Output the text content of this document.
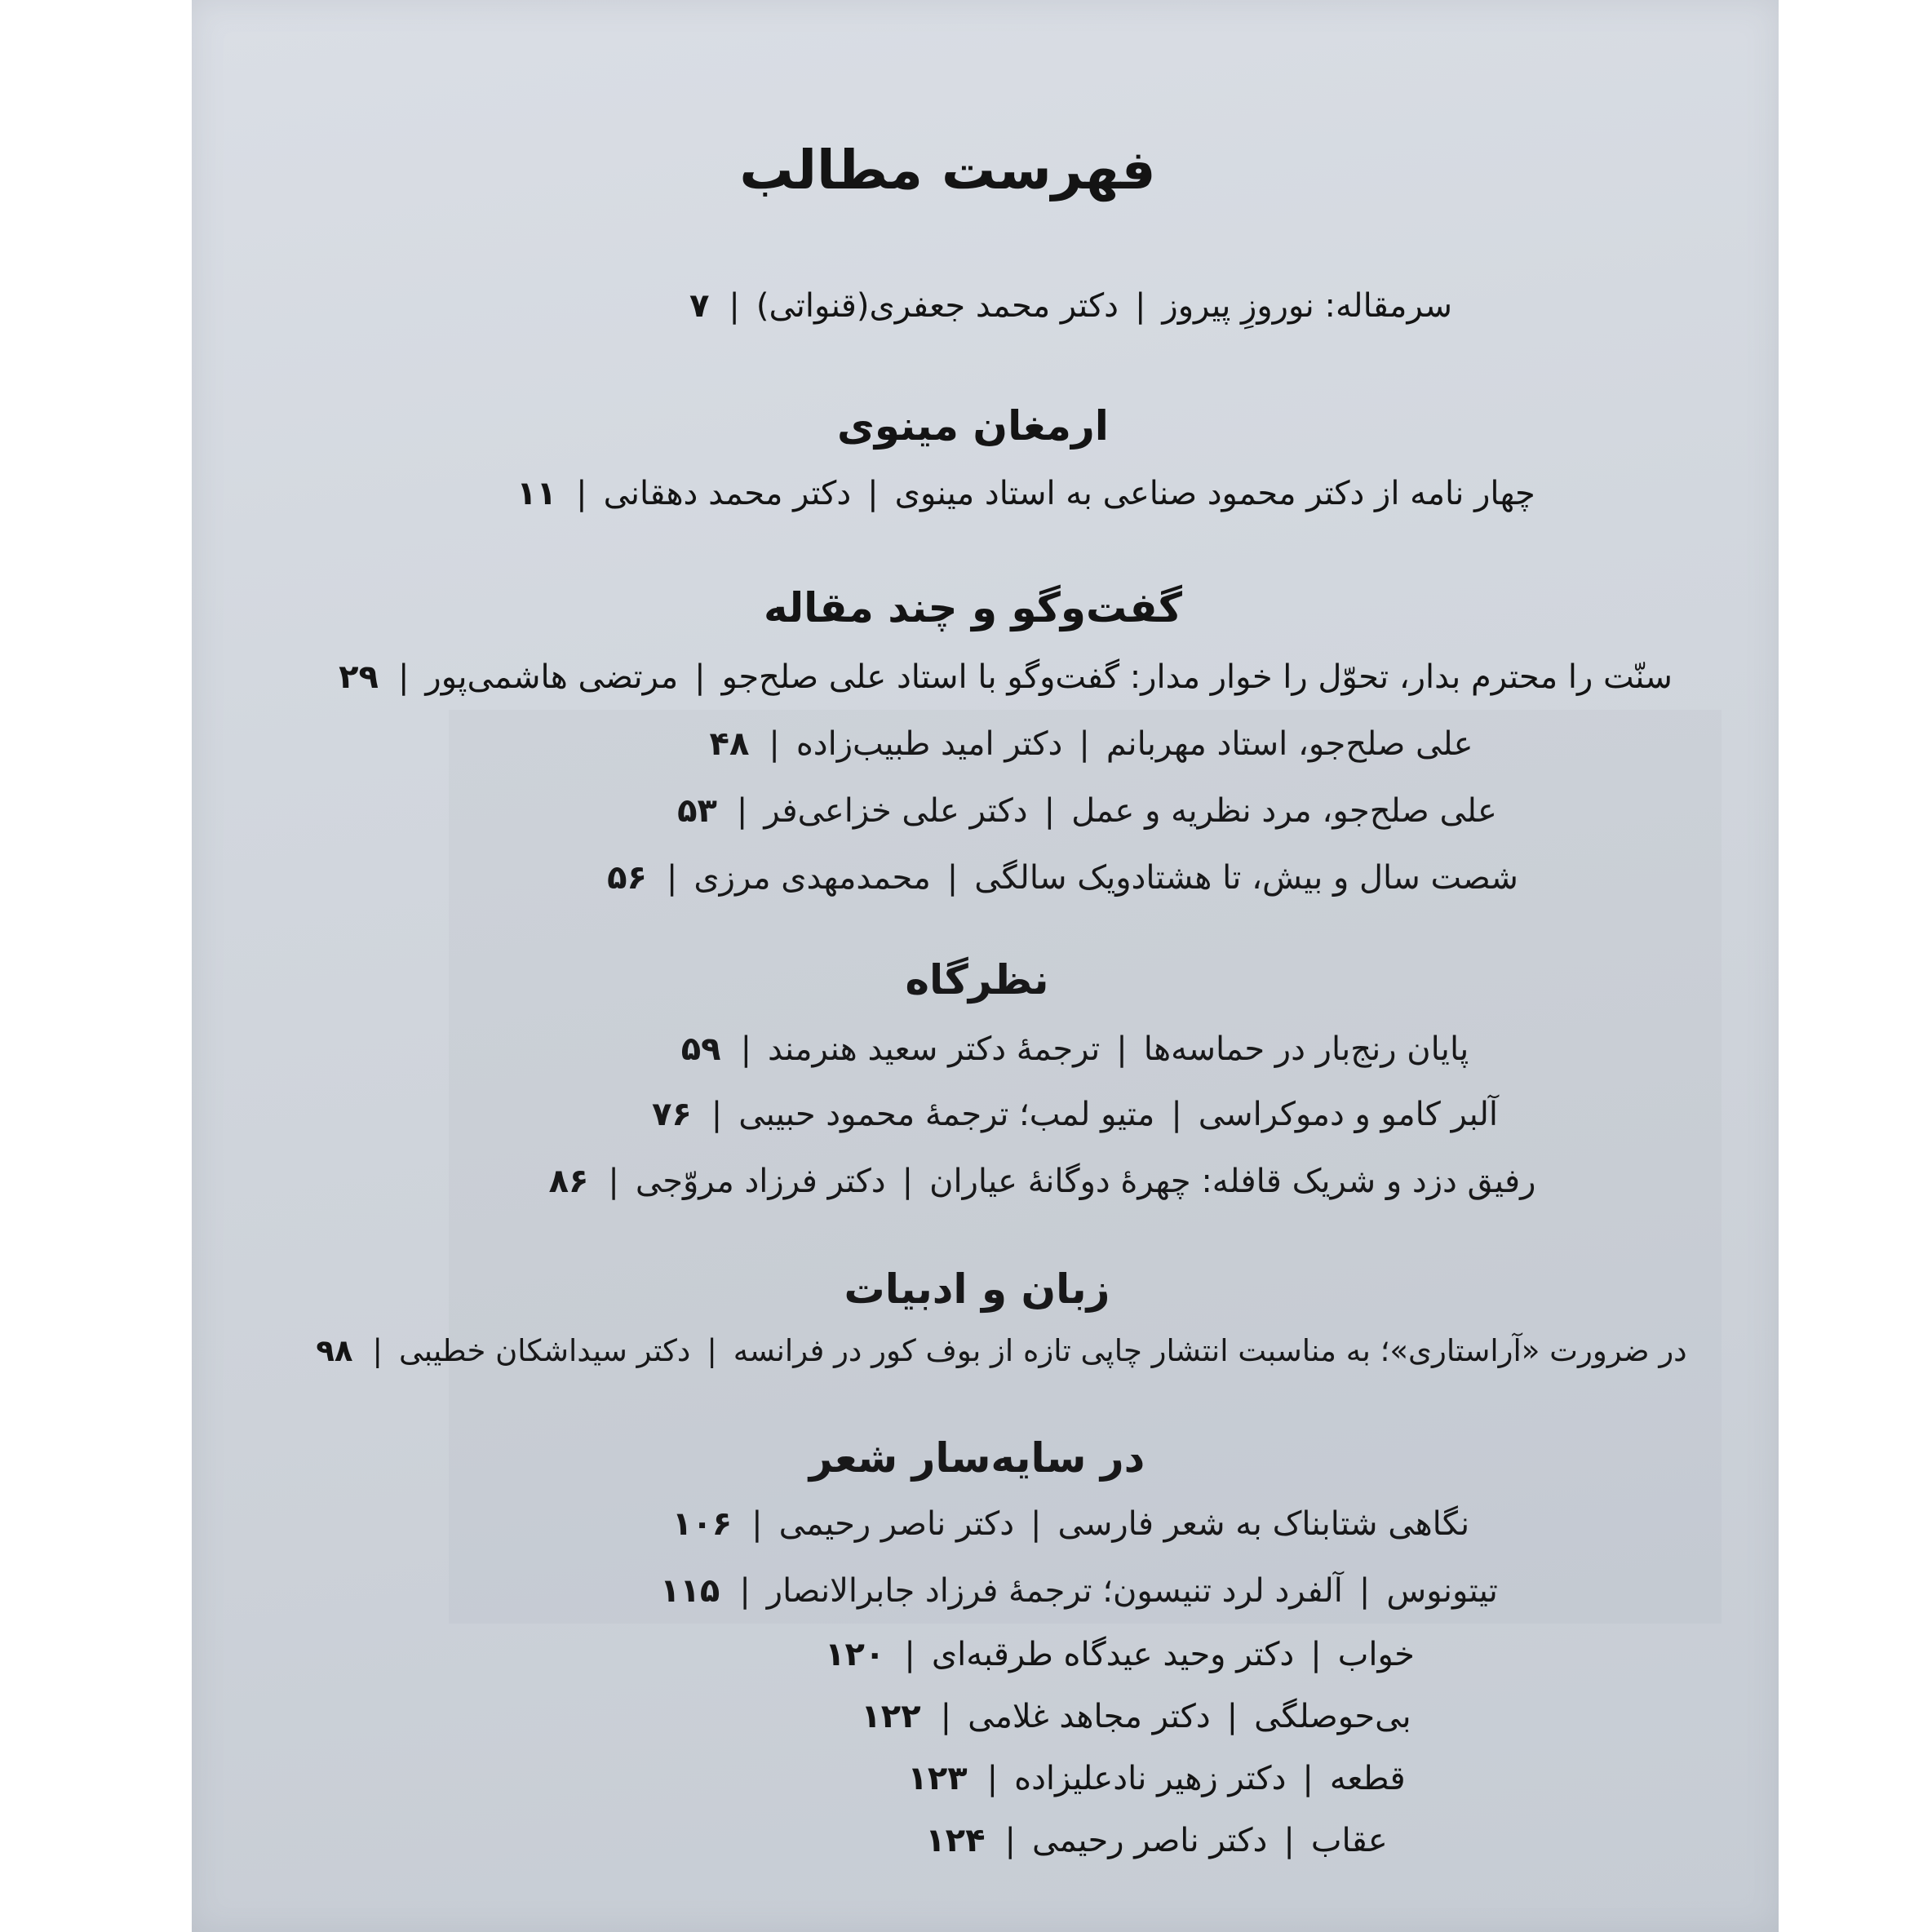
فهرست مطالب
سرمقاله: نوروزِ پیروز|دکتر محمد جعفری(قنواتی)|۷
ارمغان مینوی
چهار نامه از دکتر محمود صناعی به استاد مینوی|دکتر محمد دهقانی|۱۱
گفت‌وگو و چند مقاله
سنّت را محترم بدار، تحوّل را خوار مدار: گفت‌وگو با استاد علی صلح‌جو|مرتضی هاشمی‌پور|۲۹
علی صلح‌جو، استاد مهربانم|دکتر امید طبیب‌زاده|۴۸
علی صلح‌جو، مرد نظریه و عمل|دکتر علی خزاعی‌فر|۵۳
شصت سال و بیش، تا هشتادویک سالگی|محمدمهدی مرزی|۵۶
نظرگاه
پایان رنج‌بار در حماسه‌ها|ترجمۀ دکتر سعید هنرمند|۵۹
آلبر کامو و دموکراسی|متیو لمب؛ ترجمۀ محمود حبیبی|۷۶
رفیق دزد و شریک قافله: چهرۀ دوگانۀ عیاران|دکتر فرزاد مروّجی|۸۶
زبان و ادبیات
در ضرورت «آراستاری»؛ به مناسبت انتشار چاپی تازه از بوف کور در فرانسه|دکتر سیداشکان خطیبی|۹۸
در سایه‌سار شعر
نگاهی شتابناک به شعر فارسی|دکتر ناصر رحیمی|۱۰۶
تیتونوس|آلفرد لرد تنیسون؛ ترجمۀ فرزاد جابرالانصار|۱۱۵
خواب|دکتر وحید عیدگاه طرقبه‌ای|۱۲۰
بی‌حوصلگی|دکتر مجاهد غلامی|۱۲۲
قطعه|دکتر زهیر نادعلیزاده|۱۲۳
عقاب|دکتر ناصر رحیمی|۱۲۴
